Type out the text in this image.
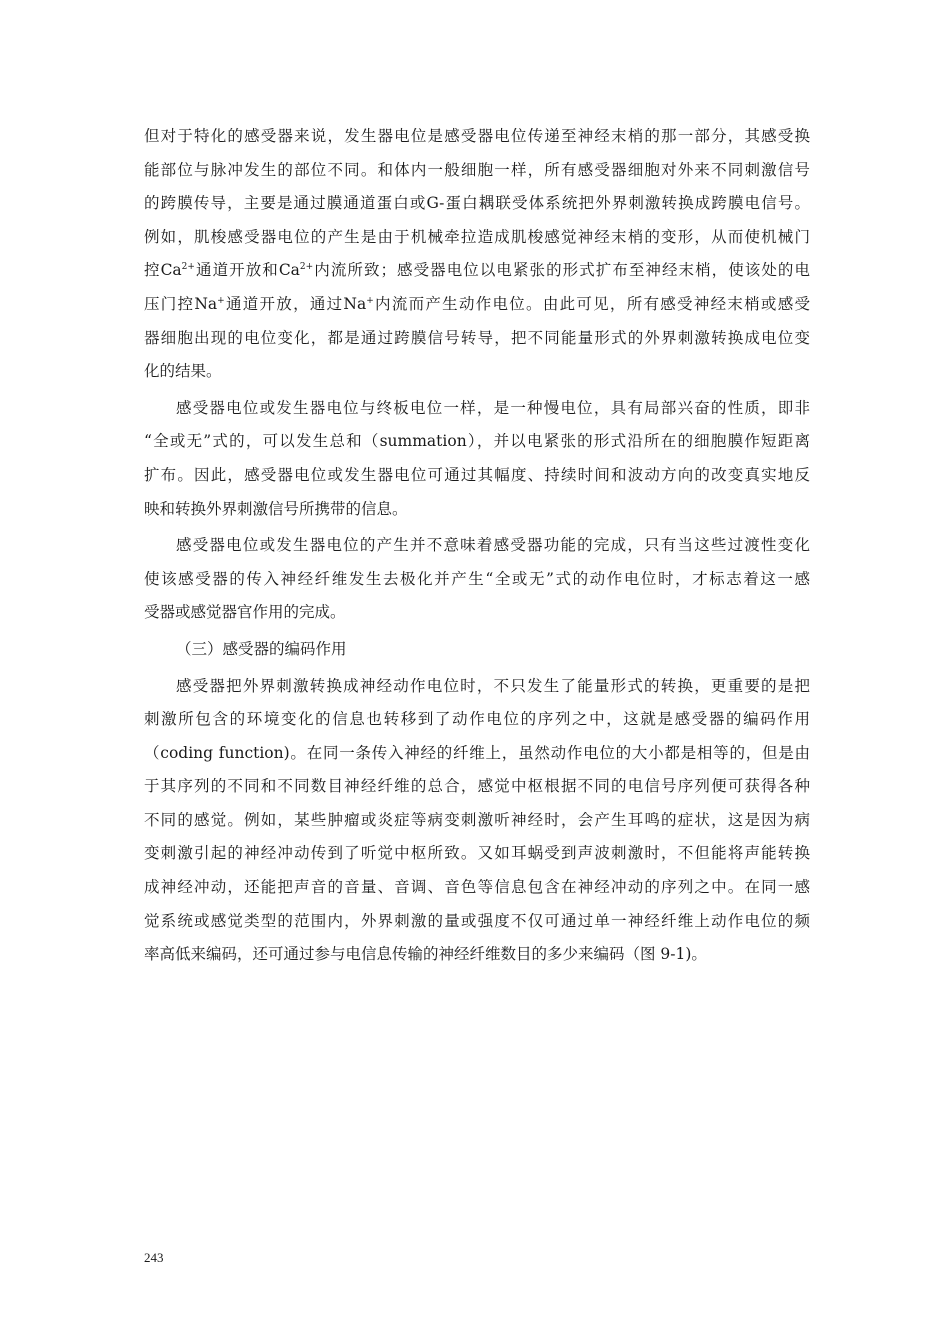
但对于特化的感受器来说，发生器电位是感受器电位传递至神经末梢的那一部分，其感受换
能部位与脉冲发生的部位不同。和体内一般细胞一样，所有感受器细胞对外来不同刺激信号
的跨膜传导，主要是通过膜通道蛋白或G-蛋白耦联受体系统把外界刺激转换成跨膜电信号。
例如，肌梭感受器电位的产生是由于机械牵拉造成肌梭感觉神经末梢的变形，从而使机械门
控$Ca^{2+}$通道开放和$Ca^{2+}$内流所致；感受器电位以电紧张的形式扩布至神经末梢，使该处的电
压门控Na+通道开放，通过Na+内流而产生动作电位。由此可见，所有感受神经末梢或感受
器细胞出现的电位变化，都是通过跨膜信号转导，把不同能量形式的外界刺激转换成电位变
化的结果。
感受器电位或发生器电位与终板电位一样，是一种慢电位，具有局部兴奋的性质，即非
“全或无”式的，可以发生总和（summation），并以电紧张的形式沿所在的细胞膜作短距离
扩布。因此，感受器电位或发生器电位可通过其幅度、持续时间和波动方向的改变真实地反
映和转换外界刺激信号所携带的信息。
感受器电位或发生器电位的产生并不意味着感受器功能的完成，只有当这些过渡性变化
使该感受器的传入神经纤维发生去极化并产生“全或无”式的动作电位时，才标志着这一感
受器或感觉器官作用的完成。
（三）感受器的编码作用
感受器把外界刺激转换成神经动作电位时，不只发生了能量形式的转换，更重要的是把
刺激所包含的环境变化的信息也转移到了动作电位的序列之中，这就是感受器的编码作用
（coding function)。在同一条传入神经的纤维上，虽然动作电位的大小都是相等的，但是由
于其序列的不同和不同数目神经纤维的总合，感觉中枢根据不同的电信号序列便可获得各种
不同的感觉。例如，某些肿瘤或炎症等病变刺激听神经时，会产生耳鸣的症状，这是因为病
变刺激引起的神经冲动传到了听觉中枢所致。又如耳蜗受到声波刺激时，不但能将声能转换
成神经冲动，还能把声音的音量、音调、音色等信息包含在神经冲动的序列之中。在同一感
觉系统或感觉类型的范围内，外界刺激的量或强度不仅可通过单一神经纤维上动作电位的频
率高低来编码，还可通过参与电信息传输的神经纤维数目的多少来编码（图 9-1)。
243
